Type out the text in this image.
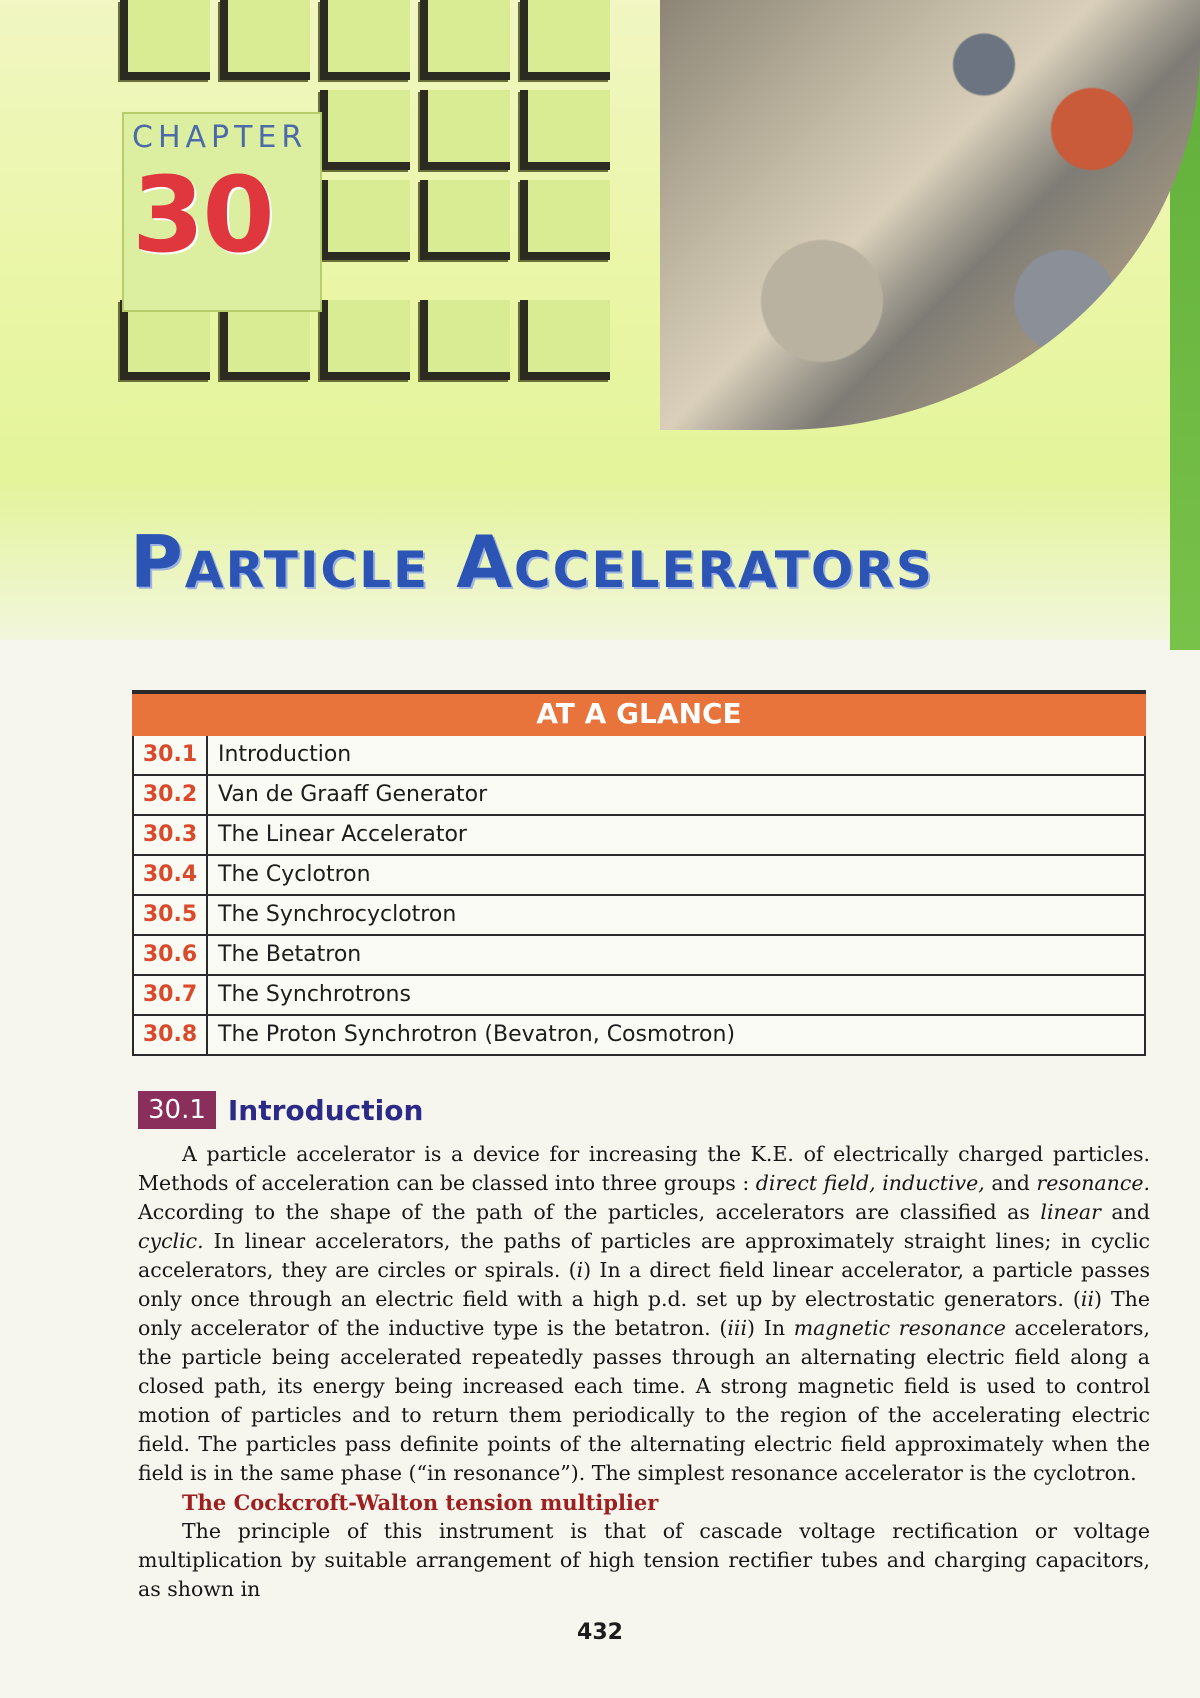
CHAPTER
30
Particle Accelerators
AT A GLANCE
30.1 Introduction
30.2 Van de Graaff Generator
30.3 The Linear Accelerator
30.4 The Cyclotron
30.5 The Synchrocyclotron
30.6 The Betatron
30.7 The Synchrotrons
30.8 The Proton Synchrotron (Bevatron, Cosmotron)
30.1 Introduction

A particle accelerator is a device for increasing the K.E. of electrically charged particles. Methods of acceleration can be classed into three groups : direct field, inductive, and resonance. According to the shape of the path of the particles, accelerators are classified as linear and cyclic. In linear accelerators, the paths of particles are approximately straight lines; in cyclic accelerators, they are circles or spirals. (i) In a direct field linear accelerator, a particle passes only once through an electric field with a high p.d. set up by electrostatic generators. (ii) The only accelerator of the inductive type is the betatron. (iii) In magnetic resonance accelerators, the particle being accelerated repeatedly passes through an alternating electric field along a closed path, its energy being increased each time. A strong magnetic field is used to control motion of particles and to return them periodically to the region of the accelerating electric field. The particles pass definite points of the alternating electric field approximately when the field is in the same phase (“in resonance”). The simplest resonance accelerator is the cyclotron.

The Cockcroft-Walton tension multiplier

The principle of this instrument is that of cascade voltage rectification or voltage multiplication by suitable arrangement of high tension rectifier tubes and charging capacitors, as shown in

432
